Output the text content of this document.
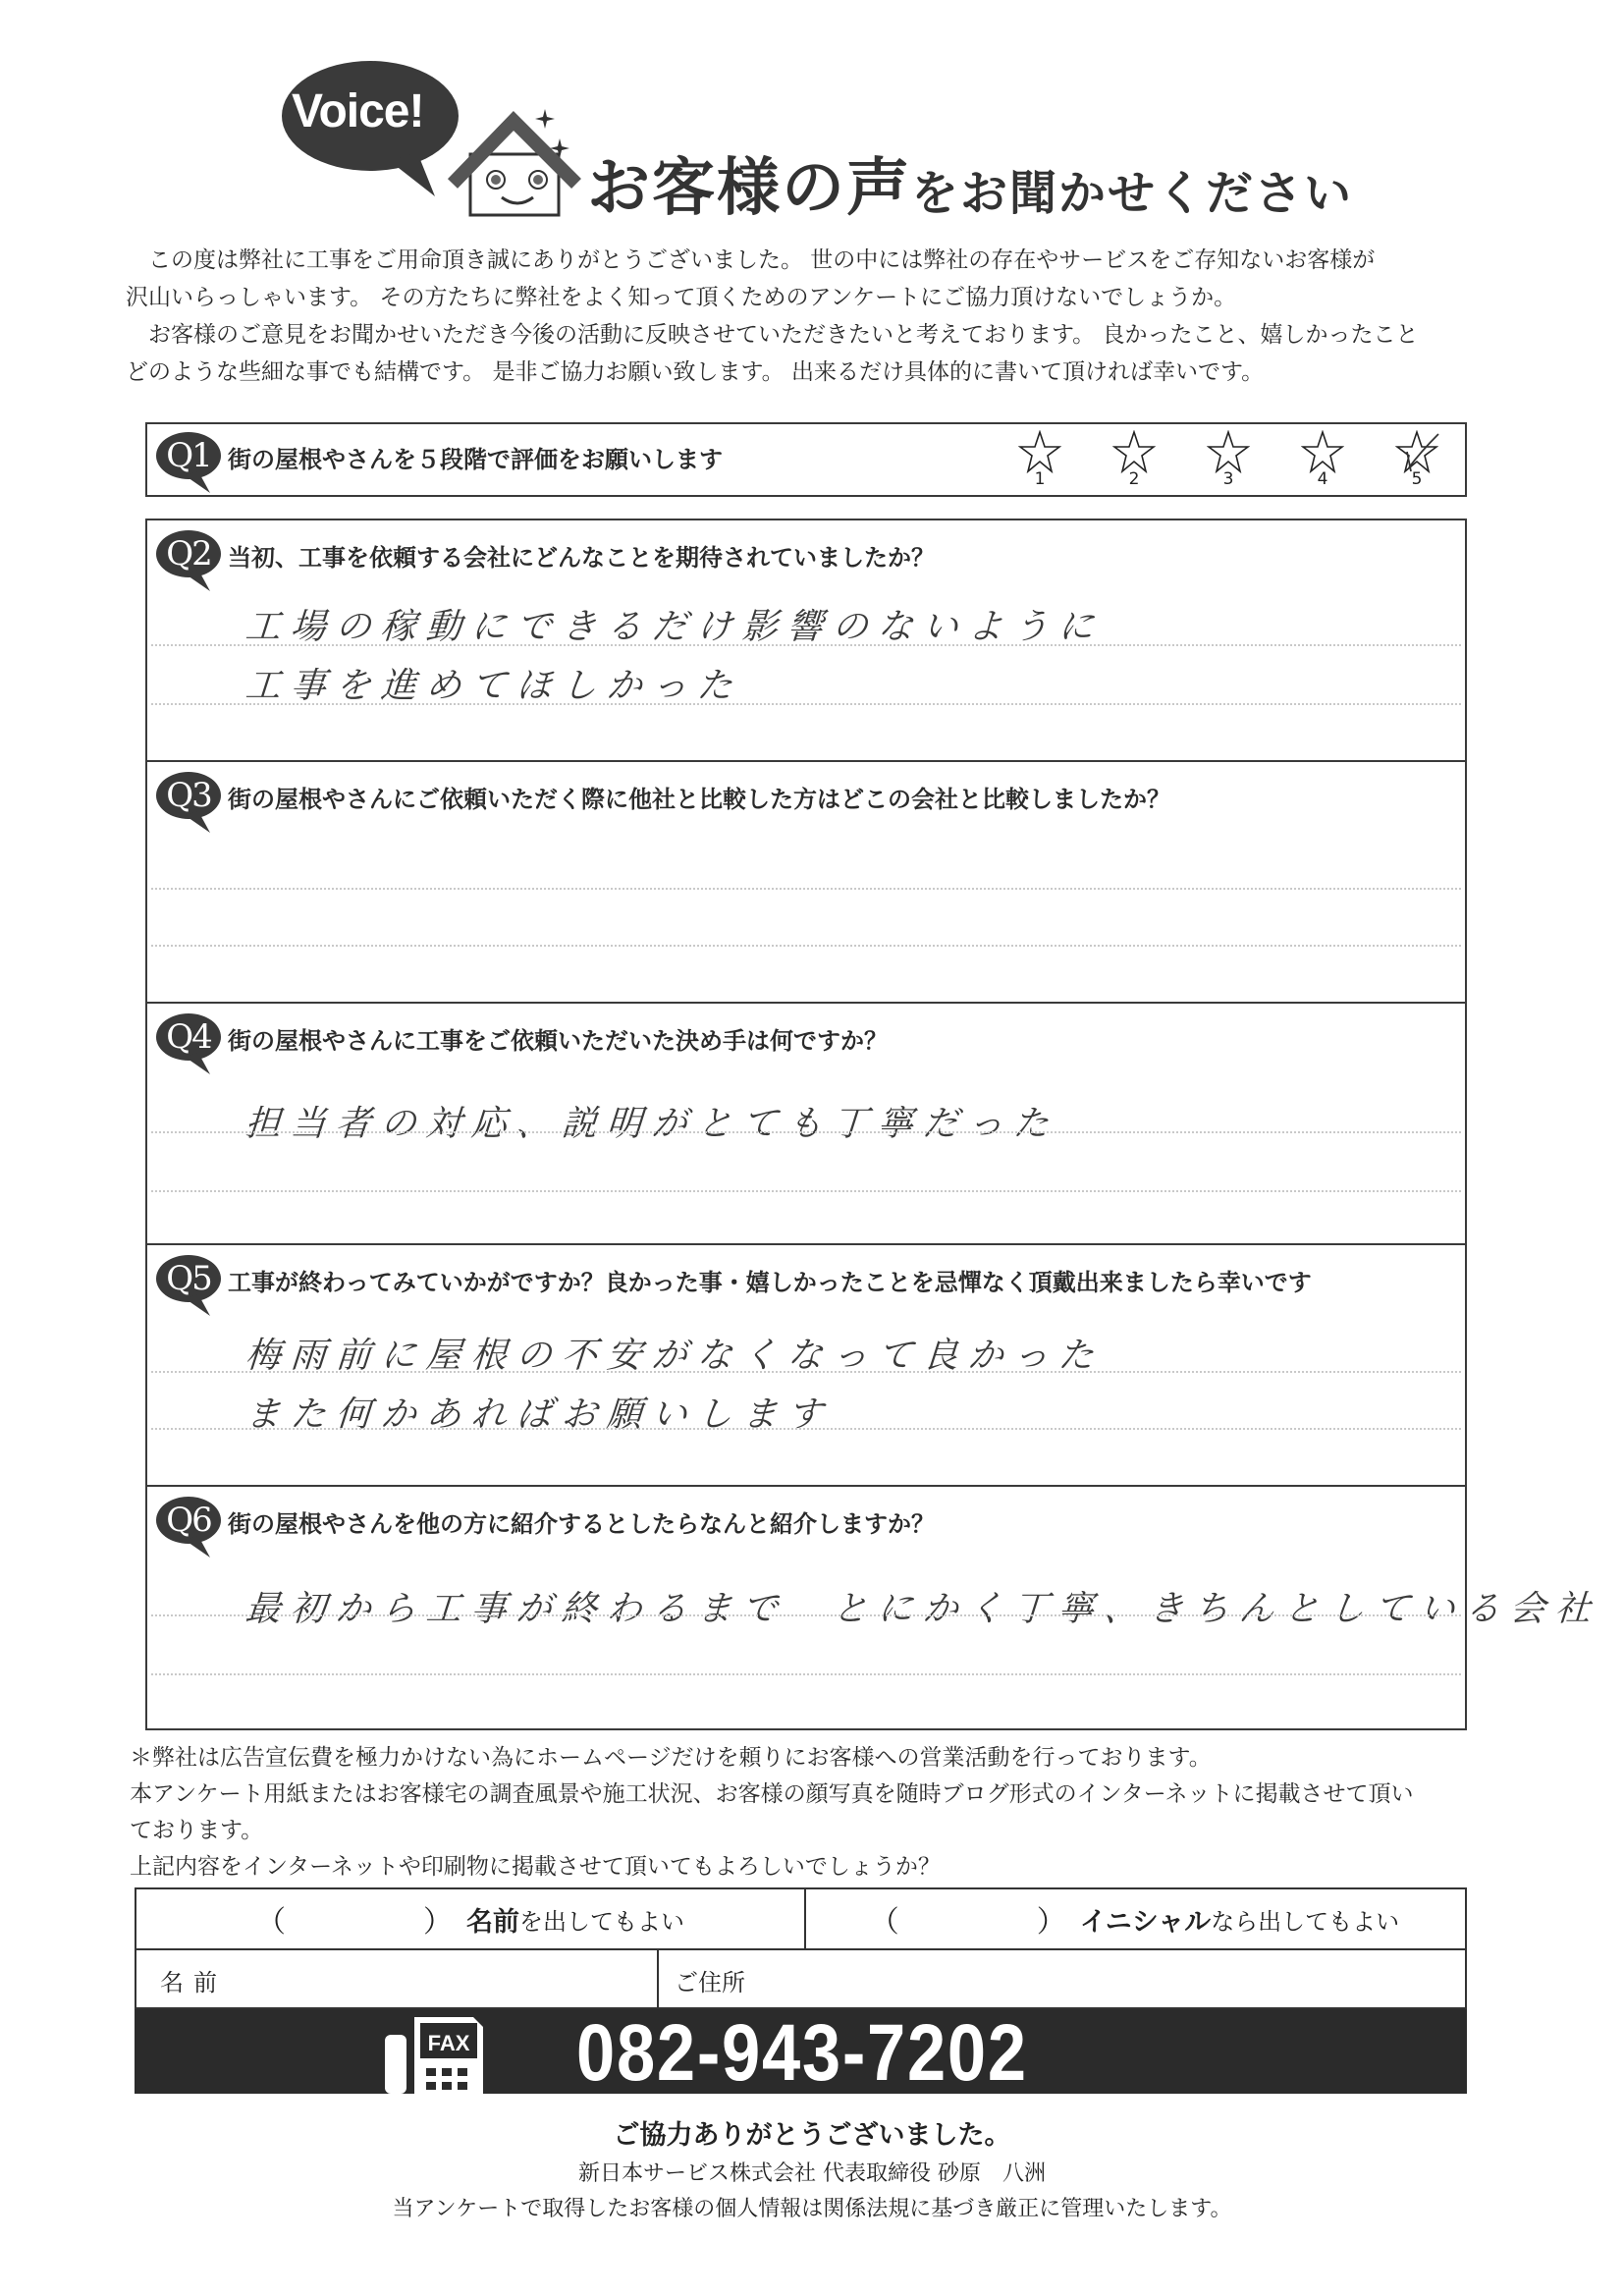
Voice!
お客様の声をお聞かせください

この度は弊社に工事をご用命頂き誠にありがとうございました。 世の中には弊社の存在やサービスをご存知ないお客様が

沢山いらっしゃいます。 その方たちに弊社をよく知って頂くためのアンケートにご協力頂けないでしょうか。

お客様のご意見をお聞かせいただき今後の活動に反映させていただきたいと考えております。 良かったこと、嬉しかったこと

どのような些細な事でも結構です。 是非ご協力お願い致します。 出来るだけ具体的に書いて頂ければ幸いです。

Q1 街の屋根やさんを５段階で評価をお願いします
1	2	3	4	5
Q2 当初、工事を依頼する会社にどんなことを期待されていましたか？
工場の稼動にできるだけ影響のないように
工事を進めてほしかった
Q3 街の屋根やさんにご依頼いただく際に他社と比較した方はどこの会社と比較しましたか？
Q4 街の屋根やさんに工事をご依頼いただいた決め手は何ですか？
担当者の対応、説明がとても丁寧だった
Q5 工事が終わってみていかがですか？良かった事・嬉しかったことを忌憚なく頂戴出来ましたら幸いです
梅雨前に屋根の不安がなくなって良かった
また何かあればお願いします
Q6 街の屋根やさんを他の方に紹介するとしたらなんと紹介しますか？
最初から工事が終わるまで　とにかく丁寧、きちんとしている会社

＊弊社は広告宣伝費を極力かけない為にホームページだけを頼りにお客様への営業活動を行っております。

本アンケート用紙またはお客様宅の調査風景や施工状況、お客様の顔写真を随時ブログ形式のインターネットに掲載させて頂い

ております。

上記内容をインターネットや印刷物に掲載させて頂いてもよろしいでしょうか？

（	） 名前 を出してもよい	（	） イニシャル なら出してもよい
名前	ご住所
FAX 082-943-7202
ご協力ありがとうございました。
新日本サービス株式会社 代表取締役 砂原　八洲
当アンケートで取得したお客様の個人情報は関係法規に基づき厳正に管理いたします。
